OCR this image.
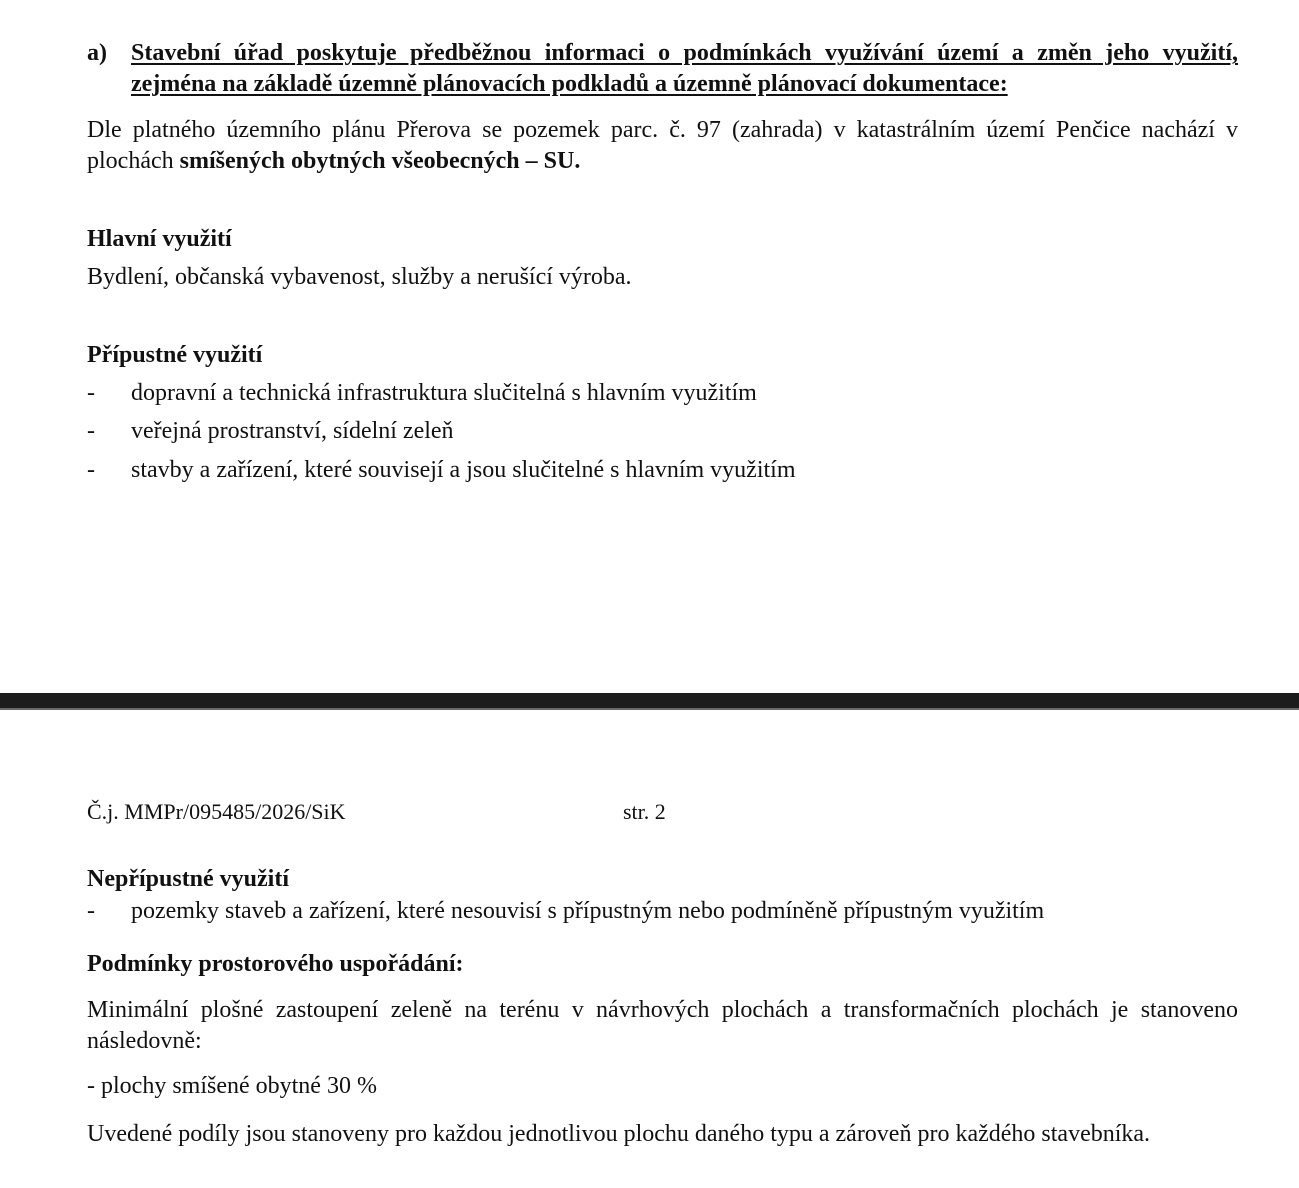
a) Stavební úřad poskytuje předběžnou informaci o podmínkách využívání území a změn jeho využití, zejména na základě územně plánovacích podkladů a územně plánovací dokumentace:
Dle platného územního plánu Přerova se pozemek parc. č. 97 (zahrada) v katastrálním území Penčice nachází v plochách smíšených obytných všeobecných – SU.
Hlavní využití
Bydlení, občanská vybavenost, služby a nerušící výroba.
Přípustné využití
- dopravní a technická infrastruktura slučitelná s hlavním využitím
- veřejná prostranství, sídelní zeleň
- stavby a zařízení, které souvisejí a jsou slučitelné s hlavním využitím
Č.j. MMPr/095485/2026/SiK	str. 2
Nepřípustné využití
- pozemky staveb a zařízení, které nesouvisí s přípustným nebo podmíněně přípustným využitím
Podmínky prostorového uspořádání:
Minimální plošné zastoupení zeleně na terénu v návrhových plochách a transformačních plochách je stanoveno následovně:
- plochy smíšené obytné 30 %
Uvedené podíly jsou stanoveny pro každou jednotlivou plochu daného typu a zároveň pro každého stavebníka.
